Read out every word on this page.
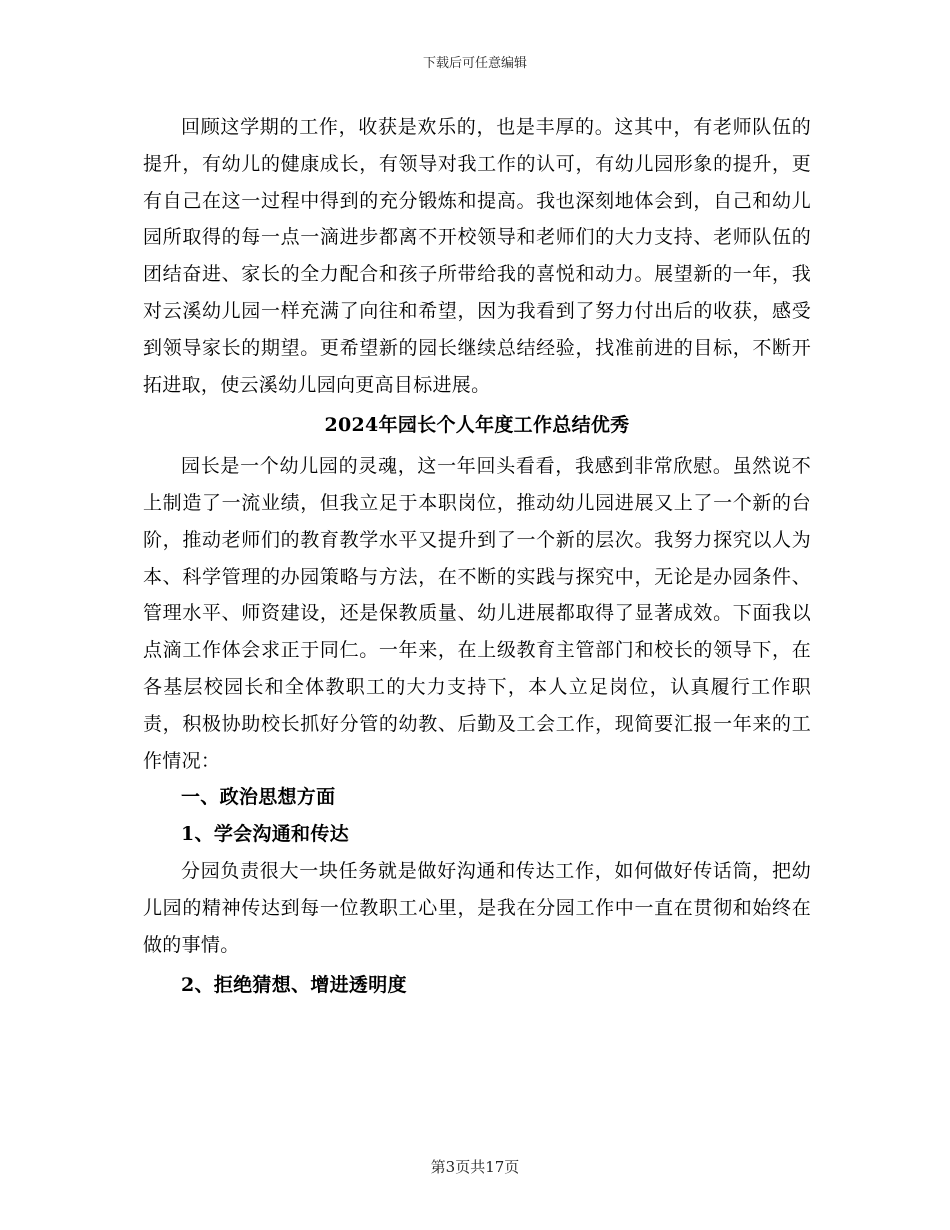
下载后可任意编辑

回顾这学期的工作，收获是欢乐的，也是丰厚的。这其中，有老师队伍的提升，有幼儿的健康成长，有领导对我工作的认可，有幼儿园形象的提升，更有自己在这一过程中得到的充分锻炼和提高。我也深刻地体会到，自己和幼儿园所取得的每一点一滴进步都离不开校领导和老师们的大力支持、老师队伍的团结奋进、家长的全力配合和孩子所带给我的喜悦和动力。展望新的一年，我对云溪幼儿园一样充满了向往和希望，因为我看到了努力付出后的收获，感受到领导家长的期望。更希望新的园长继续总结经验，找准前进的目标，不断开拓进取，使云溪幼儿园向更高目标进展。

2024年园长个人年度工作总结优秀

园长是一个幼儿园的灵魂，这一年回头看看，我感到非常欣慰。虽然说不上制造了一流业绩，但我立足于本职岗位，推动幼儿园进展又上了一个新的台阶，推动老师们的教育教学水平又提升到了一个新的层次。我努力探究以人为本、科学管理的办园策略与方法，在不断的实践与探究中，无论是办园条件、管理水平、师资建设，还是保教质量、幼儿进展都取得了显著成效。下面我以点滴工作体会求正于同仁。一年来，在上级教育主管部门和校长的领导下，在各基层校园长和全体教职工的大力支持下，本人立足岗位，认真履行工作职责，积极协助校长抓好分管的幼教、后勤及工会工作，现简要汇报一年来的工作情况：

一、政治思想方面

1、学会沟通和传达

分园负责很大一块任务就是做好沟通和传达工作，如何做好传话筒，把幼儿园的精神传达到每一位教职工心里，是我在分园工作中一直在贯彻和始终在做的事情。

2、拒绝猜想、增进透明度

第3页共17页
